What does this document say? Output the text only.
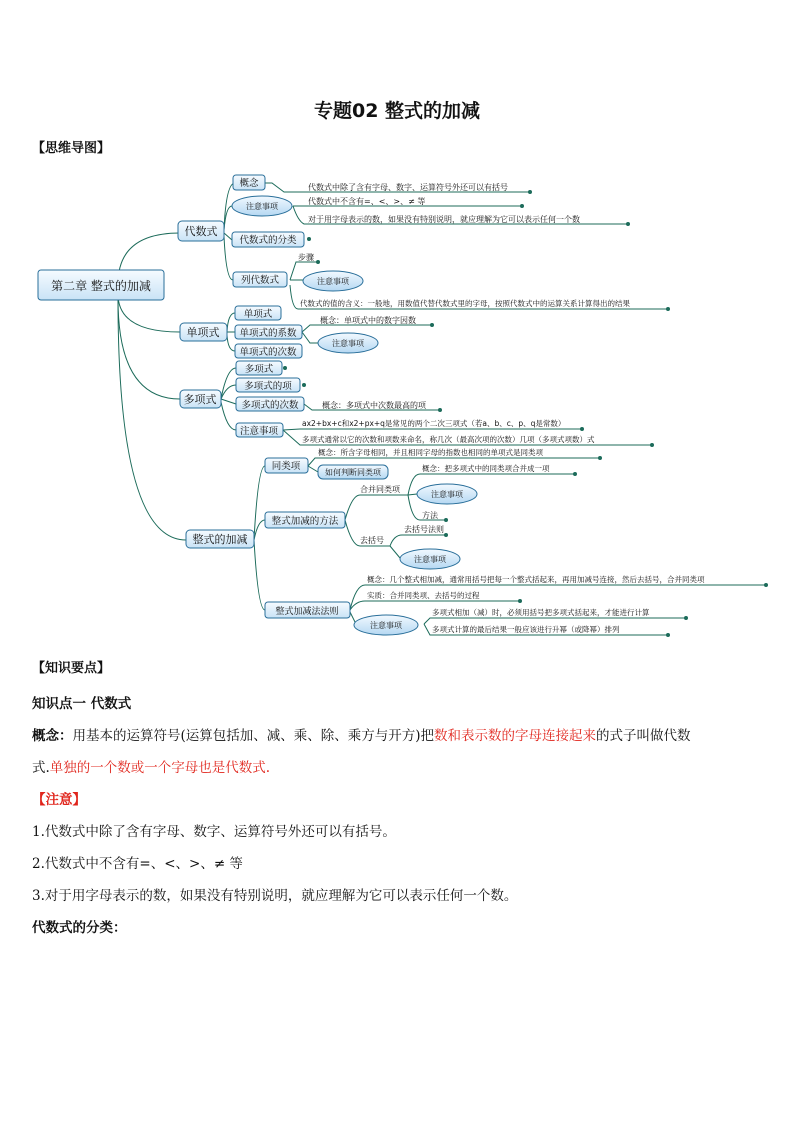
专题02 整式的加减
【思维导图】
第二章 整式的加减
代数式
概念
注意事项
代数式中除了含有字母、数字、运算符号外还可以有括号
代数式中不含有=、<、>、≠ 等
对于用字母表示的数，如果没有特别说明，就应理解为它可以表示任何一个数
代数式的分类
列代数式
步骤
注意事项
代数式的值的含义：一般地，用数值代替代数式里的字母，按照代数式中的运算关系计算得出的结果
单项式
单项式
单项式的系数
单项式的次数
概念：单项式中的数字因数
注意事项
多项式
多项式
多项式的项
多项式的次数	概念：多项式中次数最高的项
注意事项
ax2+bx+c和x2+px+q是常见的两个二次三项式（若a、b、c、p、q是常数）
多项式通常以它的次数和项数来命名，称几次（最高次项的次数）几项（多项式项数）式
整式的加减
同类项
概念：所含字母相同，并且相同字母的指数也相同的单项式是同类项
如何判断同类项
整式加减的方法
合并同类项
概念：把多项式中的同类项合并成一项
注意事项
方法
去括号
去括号法则
注意事项
整式加减法法则
概念：几个整式相加减，通常用括号把每一个整式括起来，再用加减号连接，然后去括号，合并同类项
实质：合并同类项、去括号的过程
注意事项
多项式相加（减）时，必须用括号把多项式括起来，才能进行计算
多项式计算的最后结果一般应该进行升幂（或降幂）排列
【知识要点】
知识点一 代数式
概念：用基本的运算符号(运算包括加、减、乘、除、乘方与开方)把数和表示数的字母连接起来的式子叫做代数
式.单独的一个数或一个字母也是代数式.
【注意】
1.代数式中除了含有字母、数字、运算符号外还可以有括号。
2.代数式中不含有=、<、>、≠ 等
3.对于用字母表示的数，如果没有特别说明，就应理解为它可以表示任何一个数。
代数式的分类：
